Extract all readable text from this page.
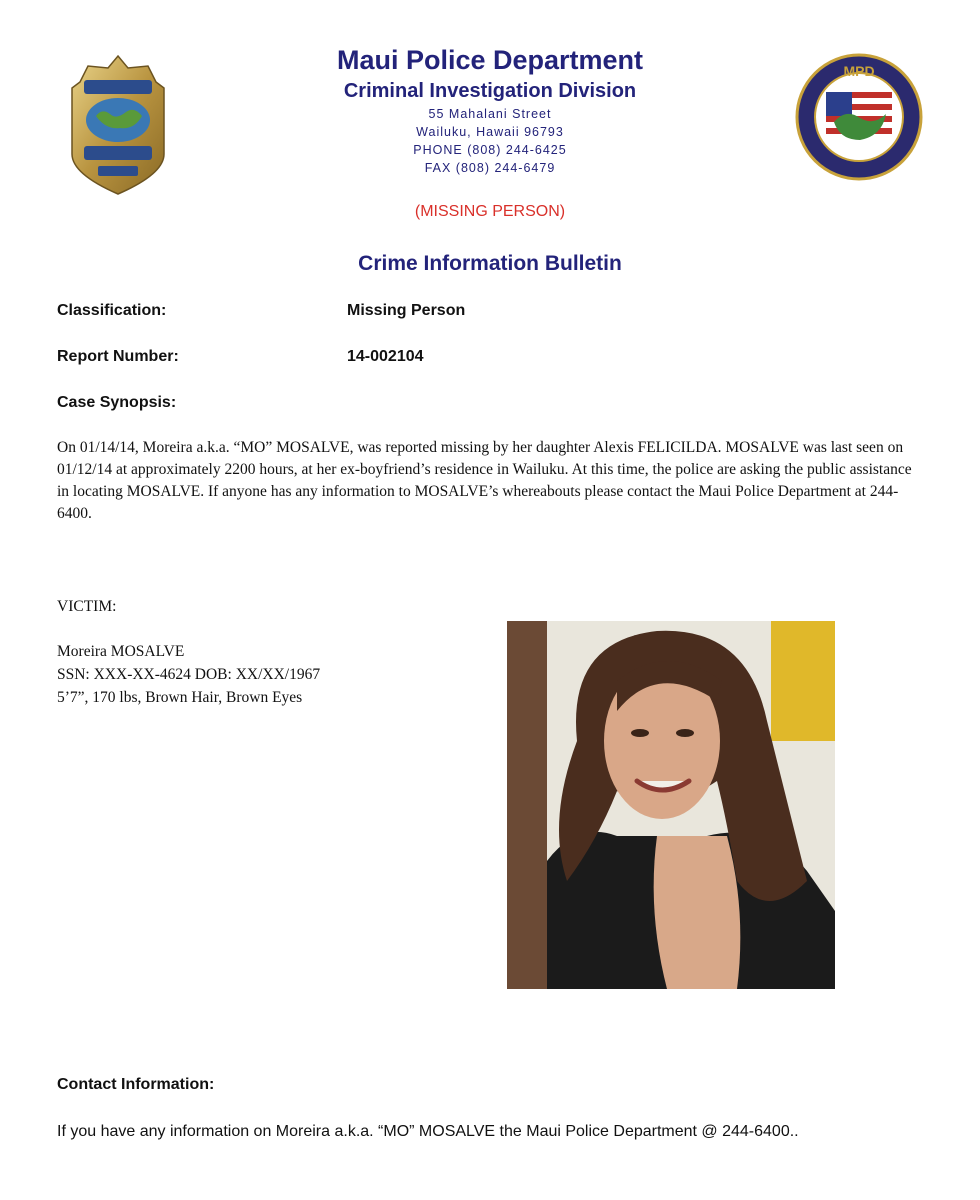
MPD
Maui Police Department
Criminal Investigation Division
55 Mahalani Street
Wailuku, Hawaii 96793
PHONE (808) 244-6425
FAX (808) 244-6479
(MISSING PERSON)
Crime Information Bulletin
Classification:	Missing Person
Report Number:	14-002104
Case Synopsis:
On 01/14/14, Moreira a.k.a. “MO” MOSALVE, was reported missing by her daughter Alexis FELICILDA. MOSALVE was last seen on 01/12/14 at approximately 2200 hours, at her ex-boyfriend’s residence in Wailuku. At this time, the police are asking the public assistance in locating MOSALVE. If anyone has any information to MOSALVE’s whereabouts please contact the Maui Police Department at 244-6400.
VICTIM:
Moreira MOSALVE
SSN: XXX-XX-4624 DOB: XX/XX/1967
5’7”, 170 lbs, Brown Hair, Brown Eyes
Contact Information:
If you have any information on Moreira a.k.a. “MO” MOSALVE the Maui Police Department @ 244-6400..
